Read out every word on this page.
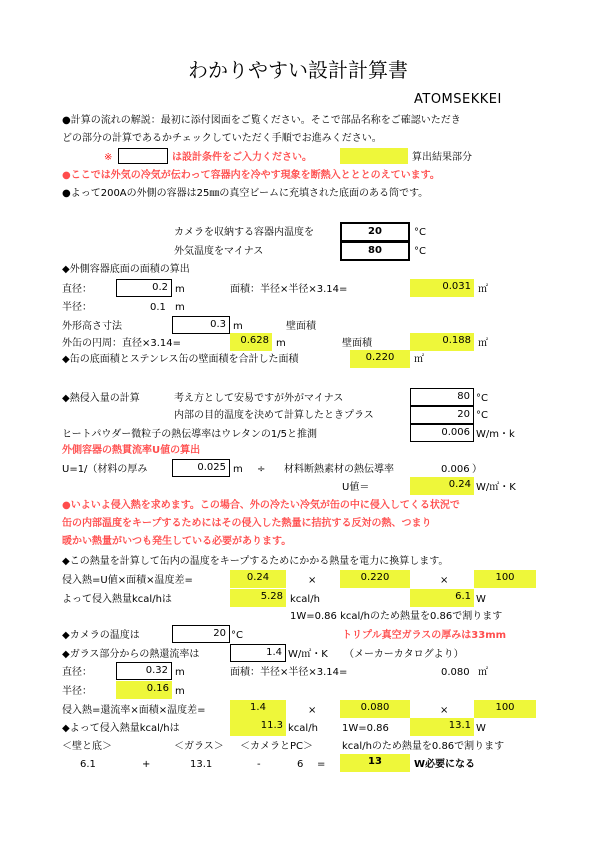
わかりやすい設計計算書
ATOMSEKKEI
●計算の流れの解説：最初に添付図面をご覧ください。そこで部品名称をご確認いただき
どの部分の計算であるかチェックしていただく手順でお進みください。
※	は設計条件をご入力ください。	算出結果部分
●ここでは外気の冷気が伝わって容器内を冷やす現象を断熱入とととのえています。
●よって200Aの外側の容器は25㎜の真空ビームに充填された底面のある筒です。
カメラを収納する容器内温度を	20	°C
外気温度をマイナス	80	°C
◆外側容器底面の面積の算出
直径：	0.2 m	面積：半径×半径×3.14=	0.031 ㎡
半径：	0.1 m
外形高さ寸法	0.3 m	壁面積
外缶の円周：直径×3.14=	0.628 m	壁面積	0.188 ㎡
◆缶の底面積とステンレス缶の壁面積を合計した面積	0.220	㎡
◆熱侵入量の計算	考え方として安易ですが外がマイナス	80 °C
内部の目的温度を決めて計算したときプラス	20 °C
ヒートパウダー微粒子の熱伝導率はウレタンの1/5と推測	0.006 W/m・k
外側容器の熱貫流率U値の算出
U=1/（材料の厚み	0.025 m ÷ 材料断熱素材の熱伝導率	0.006 ）
U値＝	0.24 W/㎡・K
●いよいよ侵入熱を求めます。この場合、外の冷たい冷気が缶の中に侵入してくる状況で
缶の内部温度をキープするためにはその侵入した熱量に拮抗する反対の熱、つまり
暖かい熱量がいつも発生している必要があります。
◆この熱量を計算して缶内の温度をキープするためにかかる熱量を電力に換算します。
侵入熱=U値×面積×温度差=	0.24	×	0.220	×	100
よって侵入熱量kcal/hは	5.28 kcal/h	6.1 W
1W=0.86 kcal/hのため熱量を0.86で割ります
◆カメラの温度は	20 °C	トリプル真空ガラスの厚みは33mm
◆ガラス部分からの熱還流率は	1.4 W/㎡・K （メーカーカタログより）
直径：	0.32 m	面積：半径×半径×3.14=	0.080 ㎡
半径：	0.16 m
侵入熱=還流率×面積×温度差=	1.4	×	0.080	×	100
◆よって侵入熱量kcal/hは	11.3 kcal/h 1W=0.86	13.1 W
＜壁と底＞	＜ガラス＞ ＜カメラとPC＞	kcal/hのため熱量を0.86で割ります
6.1	+	13.1	-	6 =	13	W必要になる
